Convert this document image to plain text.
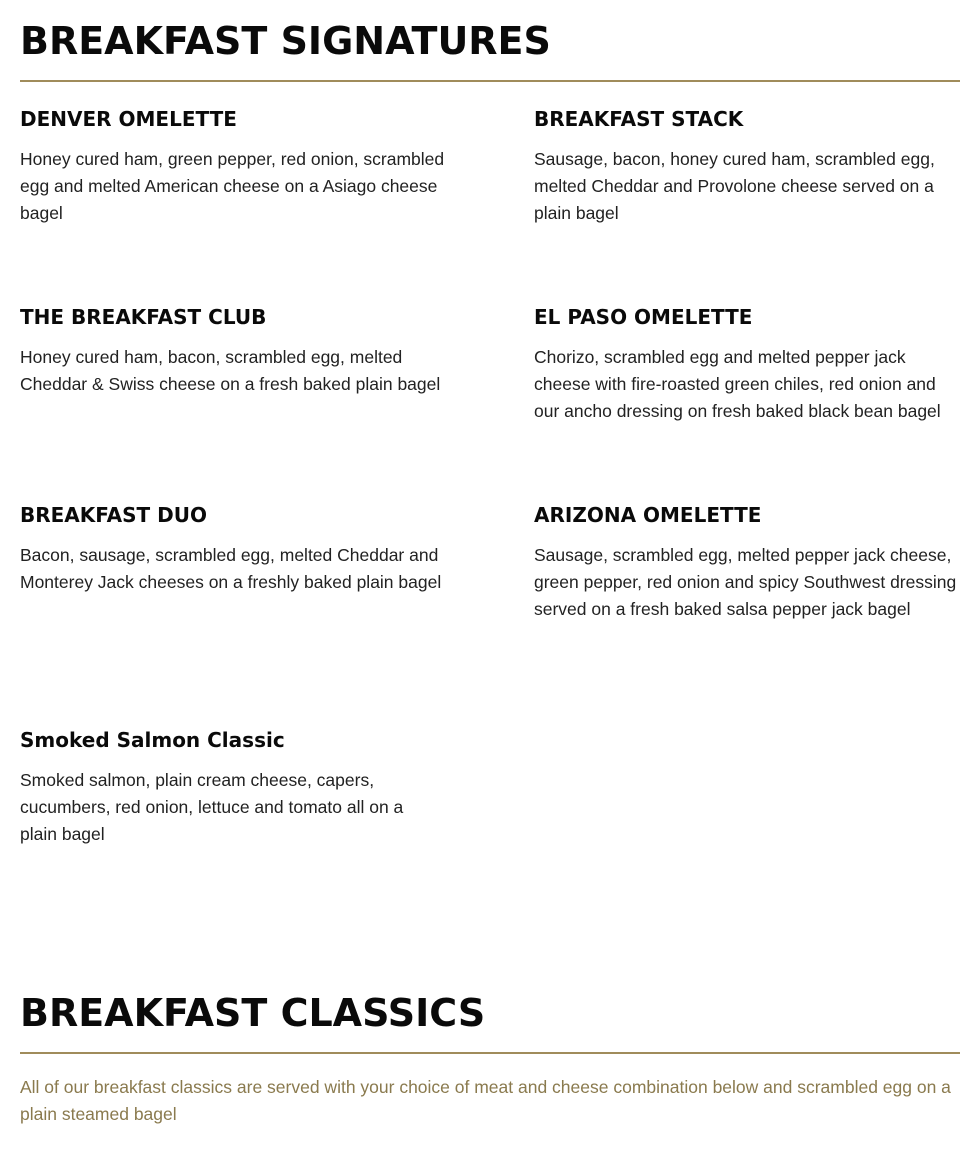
BREAKFAST SIGNATURES
DENVER OMELETTE

Honey cured ham, green pepper, red onion, scrambled egg and melted American cheese on a Asiago cheese bagel

BREAKFAST STACK

Sausage, bacon, honey cured ham, scrambled egg, melted Cheddar and Provolone cheese served on a plain bagel

THE BREAKFAST CLUB

Honey cured ham, bacon, scrambled egg, melted Cheddar & Swiss cheese on a fresh baked plain bagel

EL PASO OMELETTE

Chorizo, scrambled egg and melted pepper jack cheese with fire-roasted green chiles, red onion and our ancho dressing on fresh baked black bean bagel

BREAKFAST DUO

Bacon, sausage, scrambled egg, melted Cheddar and Monterey Jack cheeses on a freshly baked plain bagel

ARIZONA OMELETTE

Sausage, scrambled egg, melted pepper jack cheese, green pepper, red onion and spicy Southwest dressing served on a fresh baked salsa pepper jack bagel

Smoked Salmon Classic

Smoked salmon, plain cream cheese, capers, cucumbers, red onion, lettuce and tomato all on a plain bagel

BREAKFAST CLASSICS

All of our breakfast classics are served with your choice of meat and cheese combination below and scrambled egg on a plain steamed bagel
